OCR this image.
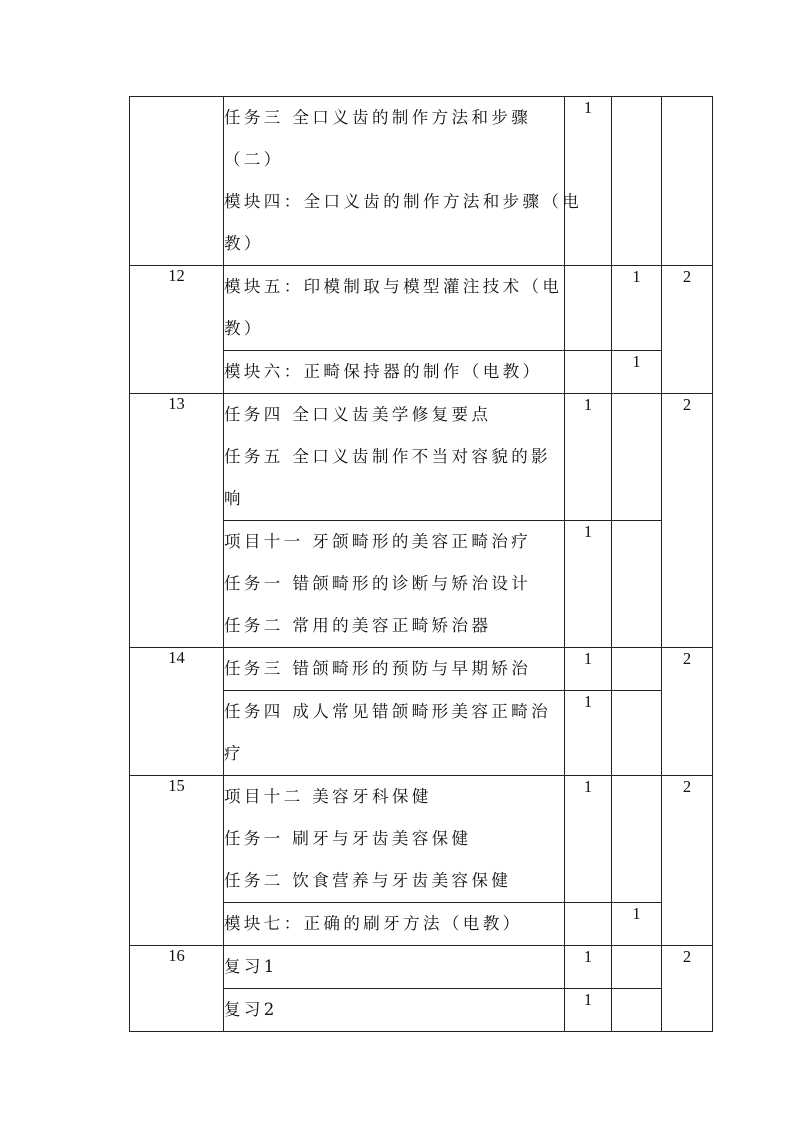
	任务三 全口义齿的制作方法和步骤
（二）
模块四：全口义齿的制作方法和步骤（电
教）	1		
12	模块五：印模制取与模型灌注技术（电
教）		1	2

	模块六：正畸保持器的制作（电教）		1	
13	任务四 全口义齿美学修复要点
任务五 全口义齿制作不当对容貌的影
响	1		2

	项目十一 牙颌畸形的美容正畸治疗
任务一 错颌畸形的诊断与矫治设计
任务二 常用的美容正畸矫治器	1		
14	任务三 错颌畸形的预防与早期矫治	1		2

	任务四 成人常见错颌畸形美容正畸治
疗	1		
15	项目十二 美容牙科保健
任务一 刷牙与牙齿美容保健
任务二 饮食营养与牙齿美容保健	1		2

	模块七：正确的刷牙方法（电教）		1	
16	复习1	1		2

	复习2	1		
